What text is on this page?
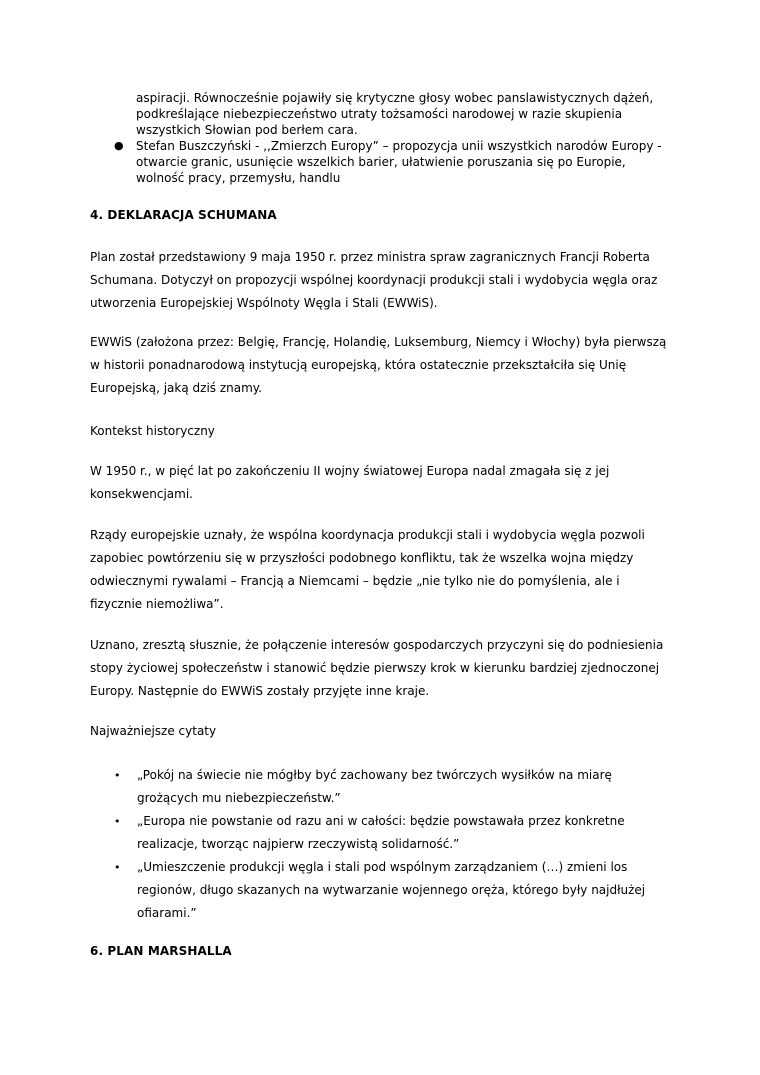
aspiracji. Równocześnie pojawiły się krytyczne głosy wobec panslawistycznych dążeń, podkreślające niebezpieczeństwo utraty tożsamości narodowej w razie skupienia wszystkich Słowian pod berłem cara.
● Stefan Buszczyński - ,,Zmierzch Europy” – propozycja unii wszystkich narodów Europy - otwarcie granic, usunięcie wszelkich barier, ułatwienie poruszania się po Europie, wolność pracy, przemysłu, handlu
4. DEKLARACJA SCHUMANA
Plan został przedstawiony 9 maja 1950 r. przez ministra spraw zagranicznych Francji Roberta Schumana. Dotyczył on propozycji wspólnej koordynacji produkcji stali i wydobycia węgla oraz utworzenia Europejskiej Wspólnoty Węgla i Stali (EWWiS).
EWWiS (założona przez: Belgię, Francję, Holandię, Luksemburg, Niemcy i Włochy) była pierwszą w historii ponadnarodową instytucją europejską, która ostatecznie przekształciła się Unię Europejską, jaką dziś znamy.
Kontekst historyczny
W 1950 r., w pięć lat po zakończeniu II wojny światowej Europa nadal zmagała się z jej konsekwencjami.
Rządy europejskie uznały, że wspólna koordynacja produkcji stali i wydobycia węgla pozwoli zapobiec powtórzeniu się w przyszłości podobnego konfliktu, tak że wszelka wojna między odwiecznymi rywalami – Francją a Niemcami – będzie „nie tylko nie do pomyślenia, ale i fizycznie niemożliwa”.
Uznano, zresztą słusznie, że połączenie interesów gospodarczych przyczyni się do podniesienia stopy życiowej społeczeństw i stanowić będzie pierwszy krok w kierunku bardziej zjednoczonej Europy. Następnie do EWWiS zostały przyjęte inne kraje.
Najważniejsze cytaty
• „Pokój na świecie nie mógłby być zachowany bez twórczych wysiłków na miarę grożących mu niebezpieczeństw.”
• „Europa nie powstanie od razu ani w całości: będzie powstawała przez konkretne realizacje, tworząc najpierw rzeczywistą solidarność.”
• „Umieszczenie produkcji węgla i stali pod wspólnym zarządzaniem (…) zmieni los regionów, długo skazanych na wytwarzanie wojennego oręża, którego były najdłużej ofiarami.”
6. PLAN MARSHALLA
